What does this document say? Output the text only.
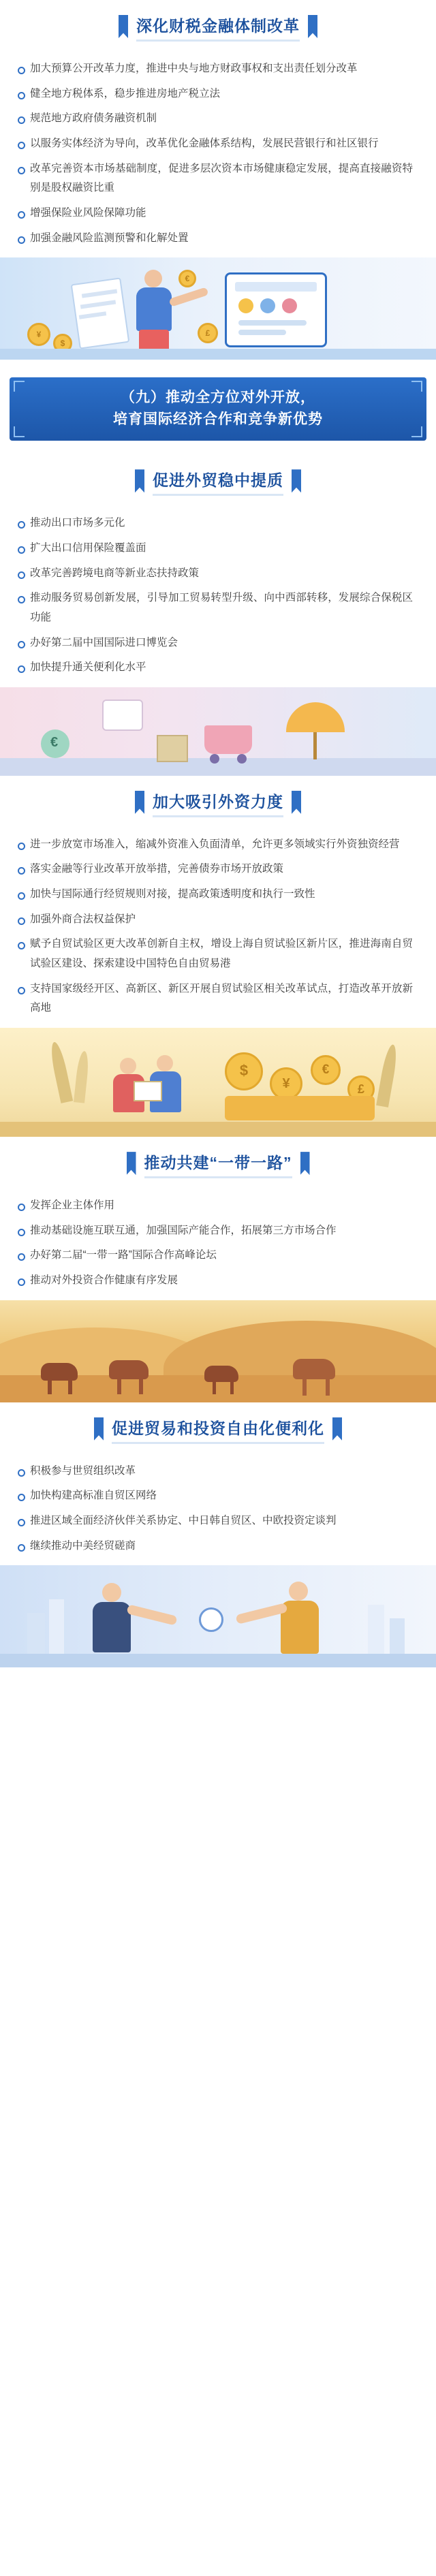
深化财税金融体制改革
加大预算公开改革力度，推进中央与地方财政事权和支出责任划分改革
健全地方税体系，稳步推进房地产税立法
规范地方政府债务融资机制
以服务实体经济为导向，改革优化金融体系结构，发展民营银行和社区银行
改革完善资本市场基础制度，促进多层次资本市场健康稳定发展，提高直接融资特别是股权融资比重
增强保险业风险保障功能
加强金融风险监测预警和化解处置
¥
$
€
£
（九）推动全方位对外开放，
培育国际经济合作和竞争新优势
促进外贸稳中提质
推动出口市场多元化
扩大出口信用保险覆盖面
改革完善跨境电商等新业态扶持政策
推动服务贸易创新发展，引导加工贸易转型升级、向中西部转移，发展综合保税区功能
办好第二届中国国际进口博览会
加快提升通关便利化水平
€
加大吸引外资力度
进一步放宽市场准入，缩减外资准入负面清单，允许更多领域实行外资独资经营
落实金融等行业改革开放举措，完善债券市场开放政策
加快与国际通行经贸规则对接，提高政策透明度和执行一致性
加强外商合法权益保护
赋予自贸试验区更大改革创新自主权，增设上海自贸试验区新片区，推进海南自贸试验区建设、探索建设中国特色自由贸易港
支持国家级经开区、高新区、新区开展自贸试验区相关改革试点，打造改革开放新高地
$
¥
€
£
推动共建“一带一路”
发挥企业主体作用
推动基础设施互联互通，加强国际产能合作，拓展第三方市场合作
办好第二届“一带一路”国际合作高峰论坛
推动对外投资合作健康有序发展
促进贸易和投资自由化便利化
积极参与世贸组织改革
加快构建高标准自贸区网络
推进区域全面经济伙伴关系协定、中日韩自贸区、中欧投资定谈判
继续推动中美经贸磋商
